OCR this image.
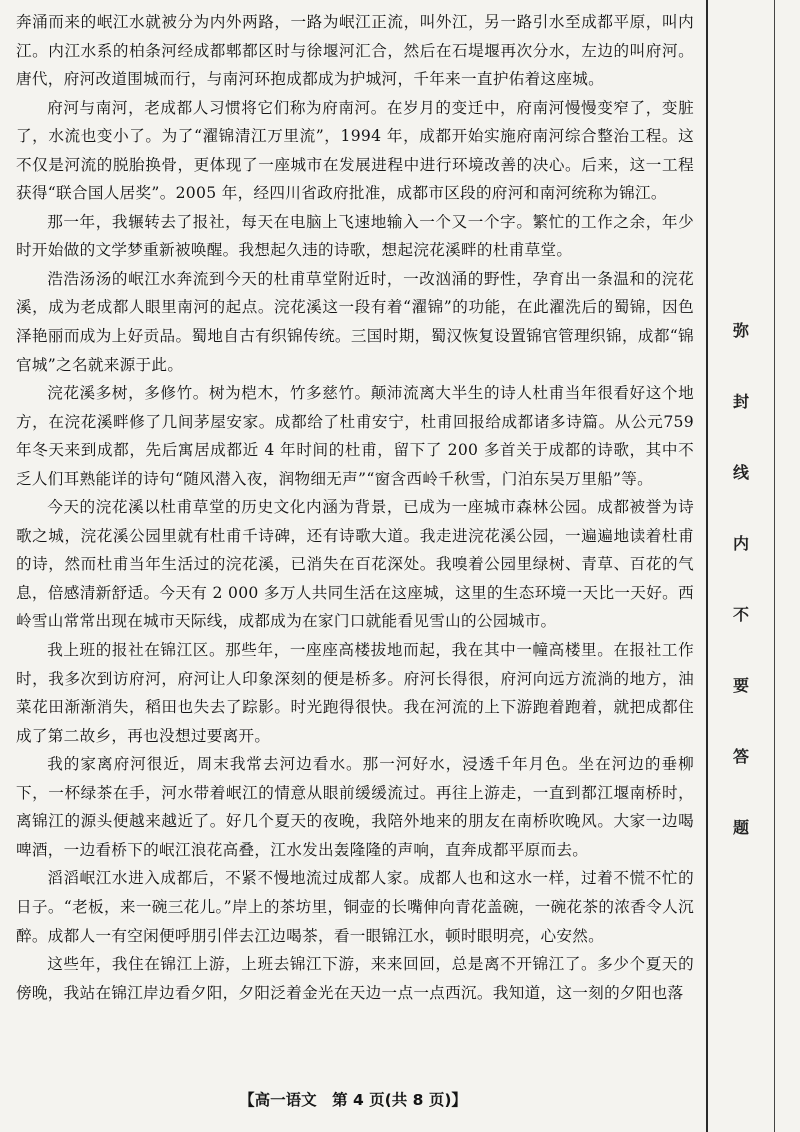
奔涌而来的岷江水就被分为内外两路，一路为岷江正流，叫外江，另一路引水至成都平原，叫内江。内江水系的柏条河经成都郫都区时与徐堰河汇合，然后在石堤堰再次分水，左边的叫府河。唐代，府河改道围城而行，与南河环抱成都成为护城河，千年来一直护佑着这座城。

府河与南河，老成都人习惯将它们称为府南河。在岁月的变迁中，府南河慢慢变窄了，变脏了，水流也变小了。为了“濯锦清江万里流”，1994 年，成都开始实施府南河综合整治工程。这不仅是河流的脱胎换骨，更体现了一座城市在发展进程中进行环境改善的决心。后来，这一工程获得“联合国人居奖”。2005 年，经四川省政府批准，成都市区段的府河和南河统称为锦江。

那一年，我辗转去了报社，每天在电脑上飞速地输入一个又一个字。繁忙的工作之余，年少时开始做的文学梦重新被唤醒。我想起久违的诗歌，想起浣花溪畔的杜甫草堂。

浩浩汤汤的岷江水奔流到今天的杜甫草堂附近时，一改汹涌的野性，孕育出一条温和的浣花溪，成为老成都人眼里南河的起点。浣花溪这一段有着“濯锦”的功能，在此濯洗后的蜀锦，因色泽艳丽而成为上好贡品。蜀地自古有织锦传统。三国时期，蜀汉恢复设置锦官管理织锦，成都“锦官城”之名就来源于此。

浣花溪多树，多修竹。树为桤木，竹多慈竹。颠沛流离大半生的诗人杜甫当年很看好这个地方，在浣花溪畔修了几间茅屋安家。成都给了杜甫安宁，杜甫回报给成都诸多诗篇。从公元759 年冬天来到成都，先后寓居成都近 4 年时间的杜甫，留下了 200 多首关于成都的诗歌，其中不乏人们耳熟能详的诗句“随风潜入夜，润物细无声”“窗含西岭千秋雪，门泊东吴万里船”等。

今天的浣花溪以杜甫草堂的历史文化内涵为背景，已成为一座城市森林公园。成都被誉为诗歌之城，浣花溪公园里就有杜甫千诗碑，还有诗歌大道。我走进浣花溪公园，一遍遍地读着杜甫的诗，然而杜甫当年生活过的浣花溪，已消失在百花深处。我嗅着公园里绿树、青草、百花的气息，倍感清新舒适。今天有 2 000 多万人共同生活在这座城，这里的生态环境一天比一天好。西岭雪山常常出现在城市天际线，成都成为在家门口就能看见雪山的公园城市。

我上班的报社在锦江区。那些年，一座座高楼拔地而起，我在其中一幢高楼里。在报社工作时，我多次到访府河，府河让人印象深刻的便是桥多。府河长得很，府河向远方流淌的地方，油菜花田渐渐消失，稻田也失去了踪影。时光跑得很快。我在河流的上下游跑着跑着，就把成都住成了第二故乡，再也没想过要离开。

我的家离府河很近，周末我常去河边看水。那一河好水，浸透千年月色。坐在河边的垂柳下，一杯绿茶在手，河水带着岷江的情意从眼前缓缓流过。再往上游走，一直到都江堰南桥时，离锦江的源头便越来越近了。好几个夏天的夜晚，我陪外地来的朋友在南桥吹晚风。大家一边喝啤酒，一边看桥下的岷江浪花高叠，江水发出轰隆隆的声响，直奔成都平原而去。

滔滔岷江水进入成都后，不紧不慢地流过成都人家。成都人也和这水一样，过着不慌不忙的日子。“老板，来一碗三花儿。”岸上的茶坊里，铜壶的长嘴伸向青花盖碗，一碗花茶的浓香令人沉醉。成都人一有空闲便呼朋引伴去江边喝茶，看一眼锦江水，顿时眼明亮，心安然。

这些年，我住在锦江上游，上班去锦江下游，来来回回，总是离不开锦江了。多少个夏天的傍晚，我站在锦江岸边看夕阳，夕阳泛着金光在天边一点一点西沉。我知道，这一刻的夕阳也落

弥
封
线
内
不
要
答
题
【高一语文　第 4 页(共 8 页)】
